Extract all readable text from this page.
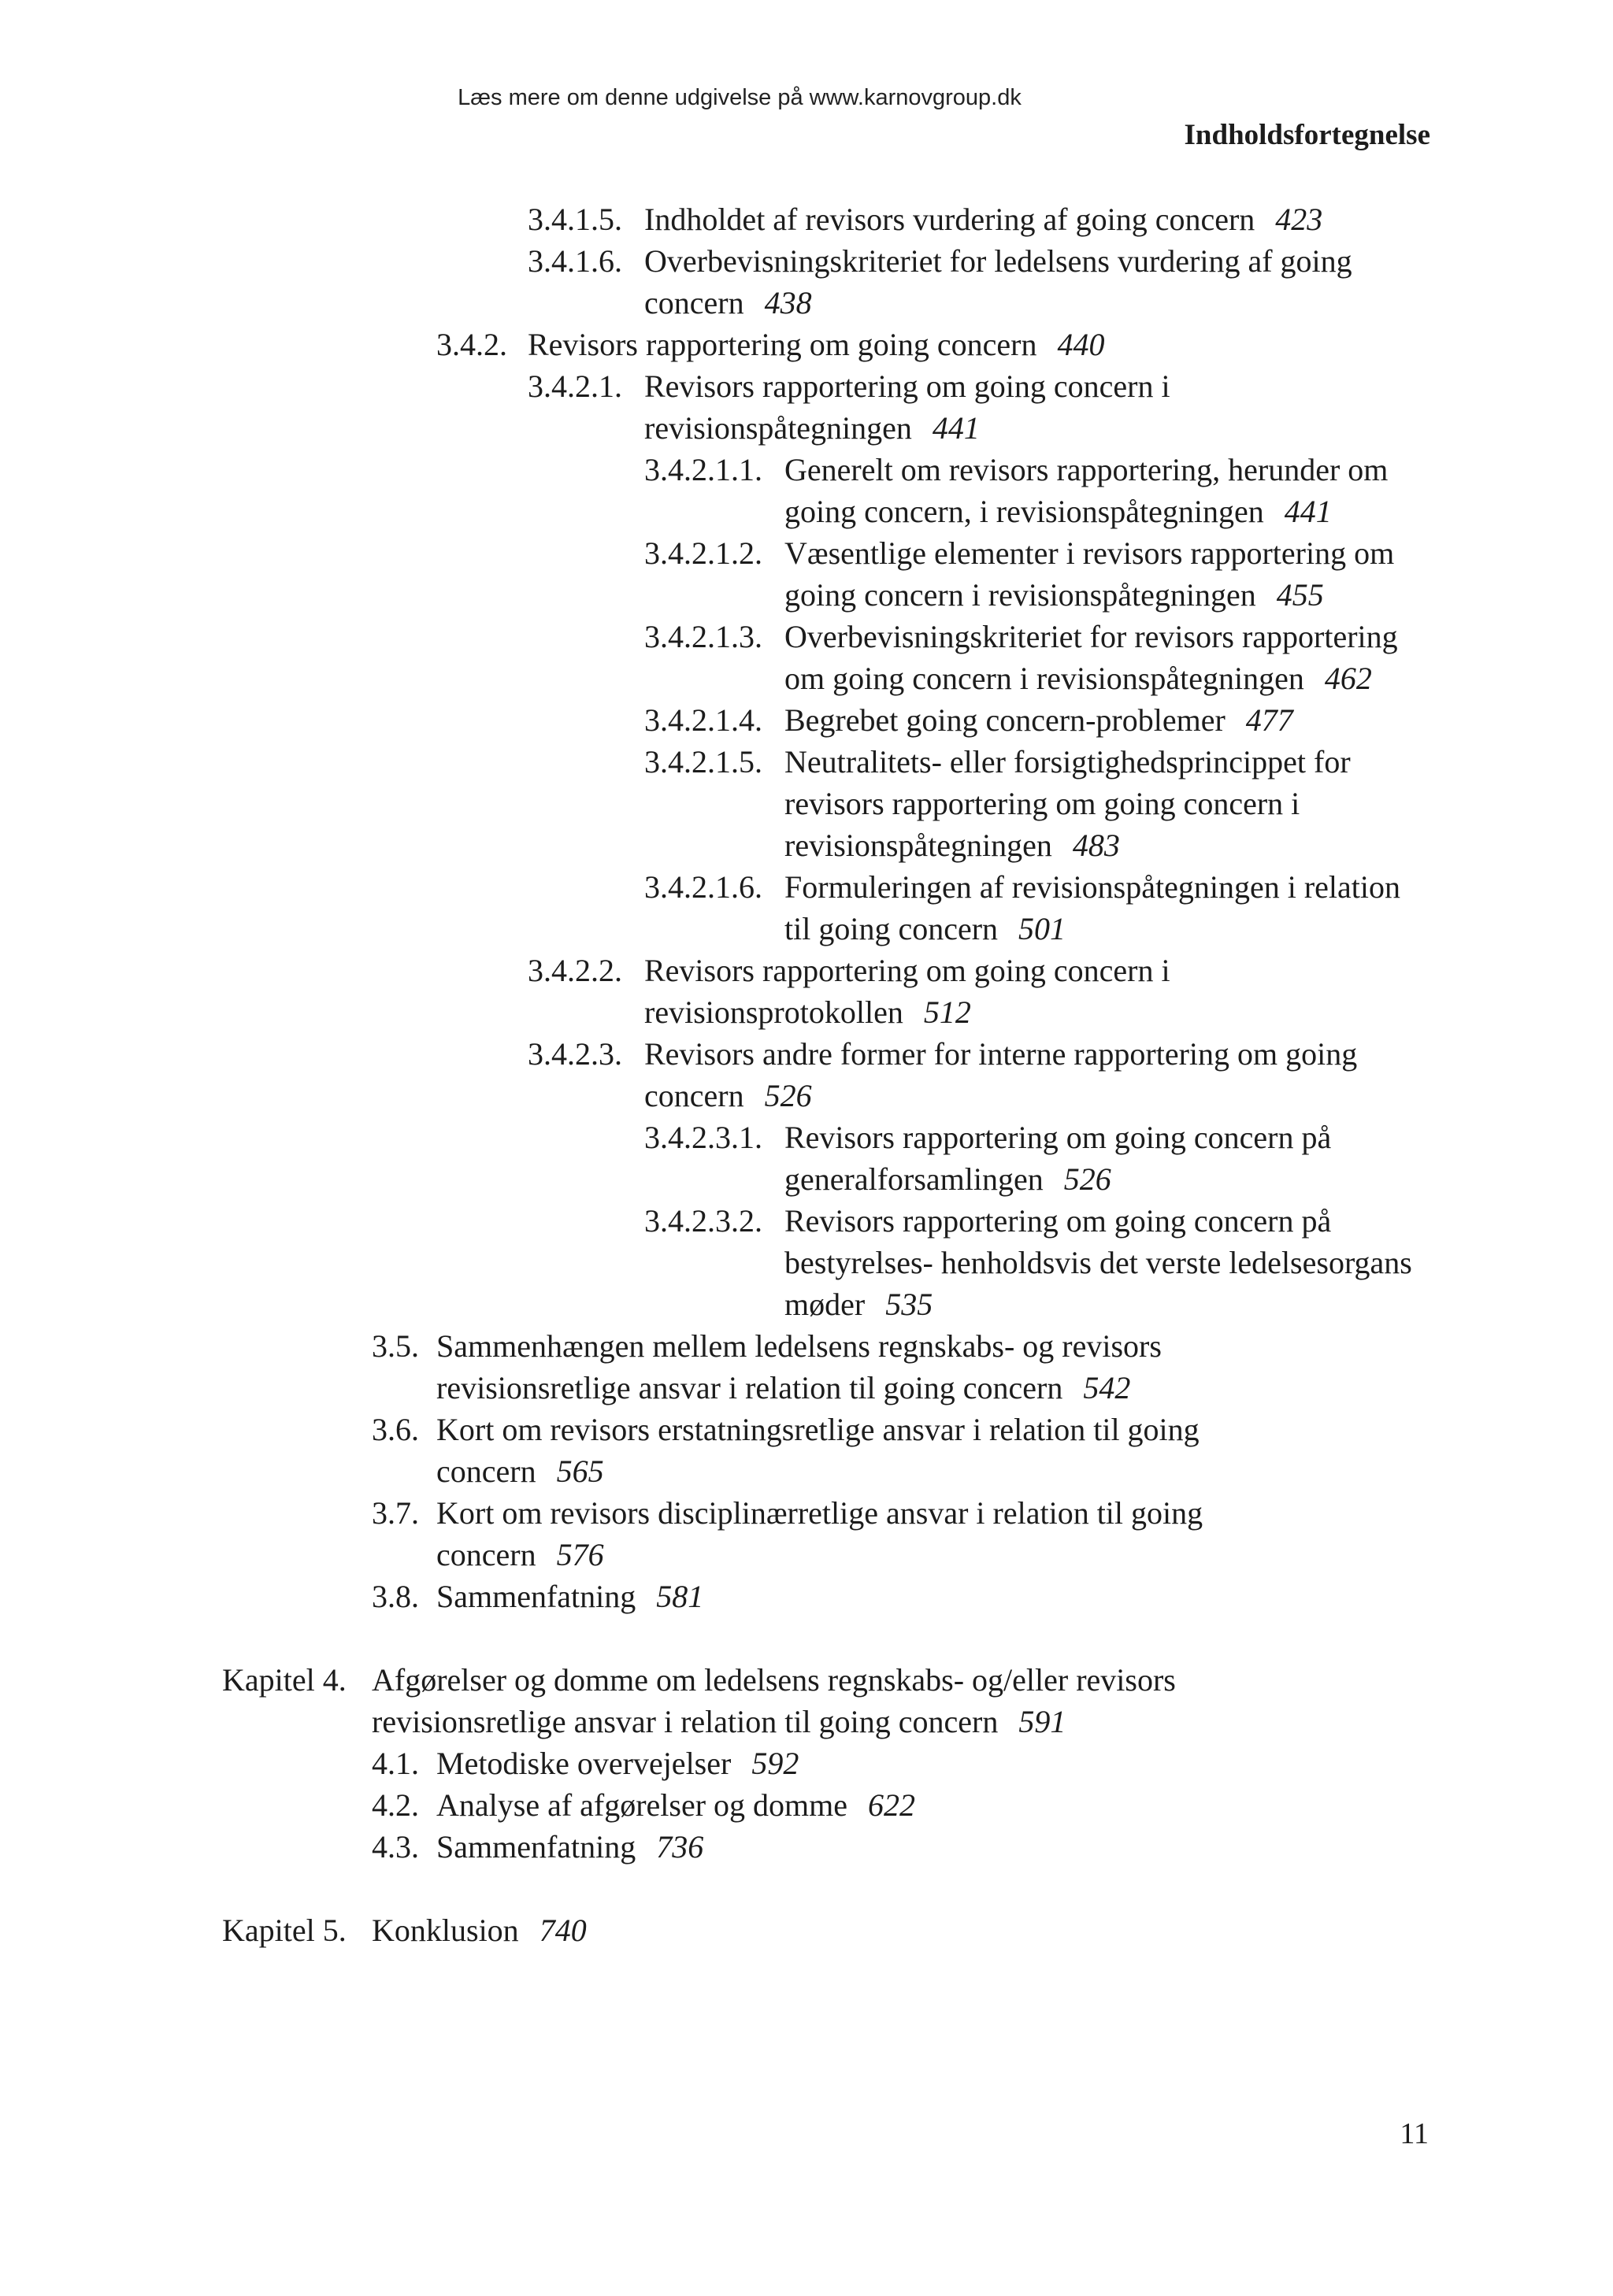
Læs mere om denne udgivelse på www.karnovgroup.dk
Indholdsfortegnelse
3.4.1.5. Indholdet af revisors vurdering af going concern 423
3.4.1.6. Overbevisningskriteriet for ledelsens vurdering af going concern 438
3.4.2. Revisors rapportering om going concern 440
3.4.2.1. Revisors rapportering om going concern i revisionspåtegningen 441
3.4.2.1.1. Generelt om revisors rapportering, herunder om going concern, i revisionspåtegningen 441
3.4.2.1.2. Væsentlige elementer i revisors rapportering om going concern i revisionspåtegningen 455
3.4.2.1.3. Overbevisningskriteriet for revisors rapportering om going concern i revisionspåtegningen 462
3.4.2.1.4. Begrebet going concern-problemer 477
3.4.2.1.5. Neutralitets- eller forsigtighedsprincippet for revisors rapportering om going concern i revisionspåtegningen 483
3.4.2.1.6. Formuleringen af revisionspåtegningen i relation til going concern 501
3.4.2.2. Revisors rapportering om going concern i revisionsprotokollen 512
3.4.2.3. Revisors andre former for interne rapportering om going concern 526
3.4.2.3.1. Revisors rapportering om going concern på generalforsamlingen 526
3.4.2.3.2. Revisors rapportering om going concern på bestyrelses- henholdsvis det verste ledelsesorgans møder 535
3.5. Sammenhængen mellem ledelsens regnskabs- og revisors revisionsretlige ansvar i relation til going concern 542
3.6. Kort om revisors erstatningsretlige ansvar i relation til going concern 565
3.7. Kort om revisors disciplinærretlige ansvar i relation til going concern 576
3.8. Sammenfatning 581
Kapitel 4. Afgørelser og domme om ledelsens regnskabs- og/eller revisors revisionsretlige ansvar i relation til going concern 591
4.1. Metodiske overvejelser 592
4.2. Analyse af afgørelser og domme 622
4.3. Sammenfatning 736
Kapitel 5. Konklusion 740
11
